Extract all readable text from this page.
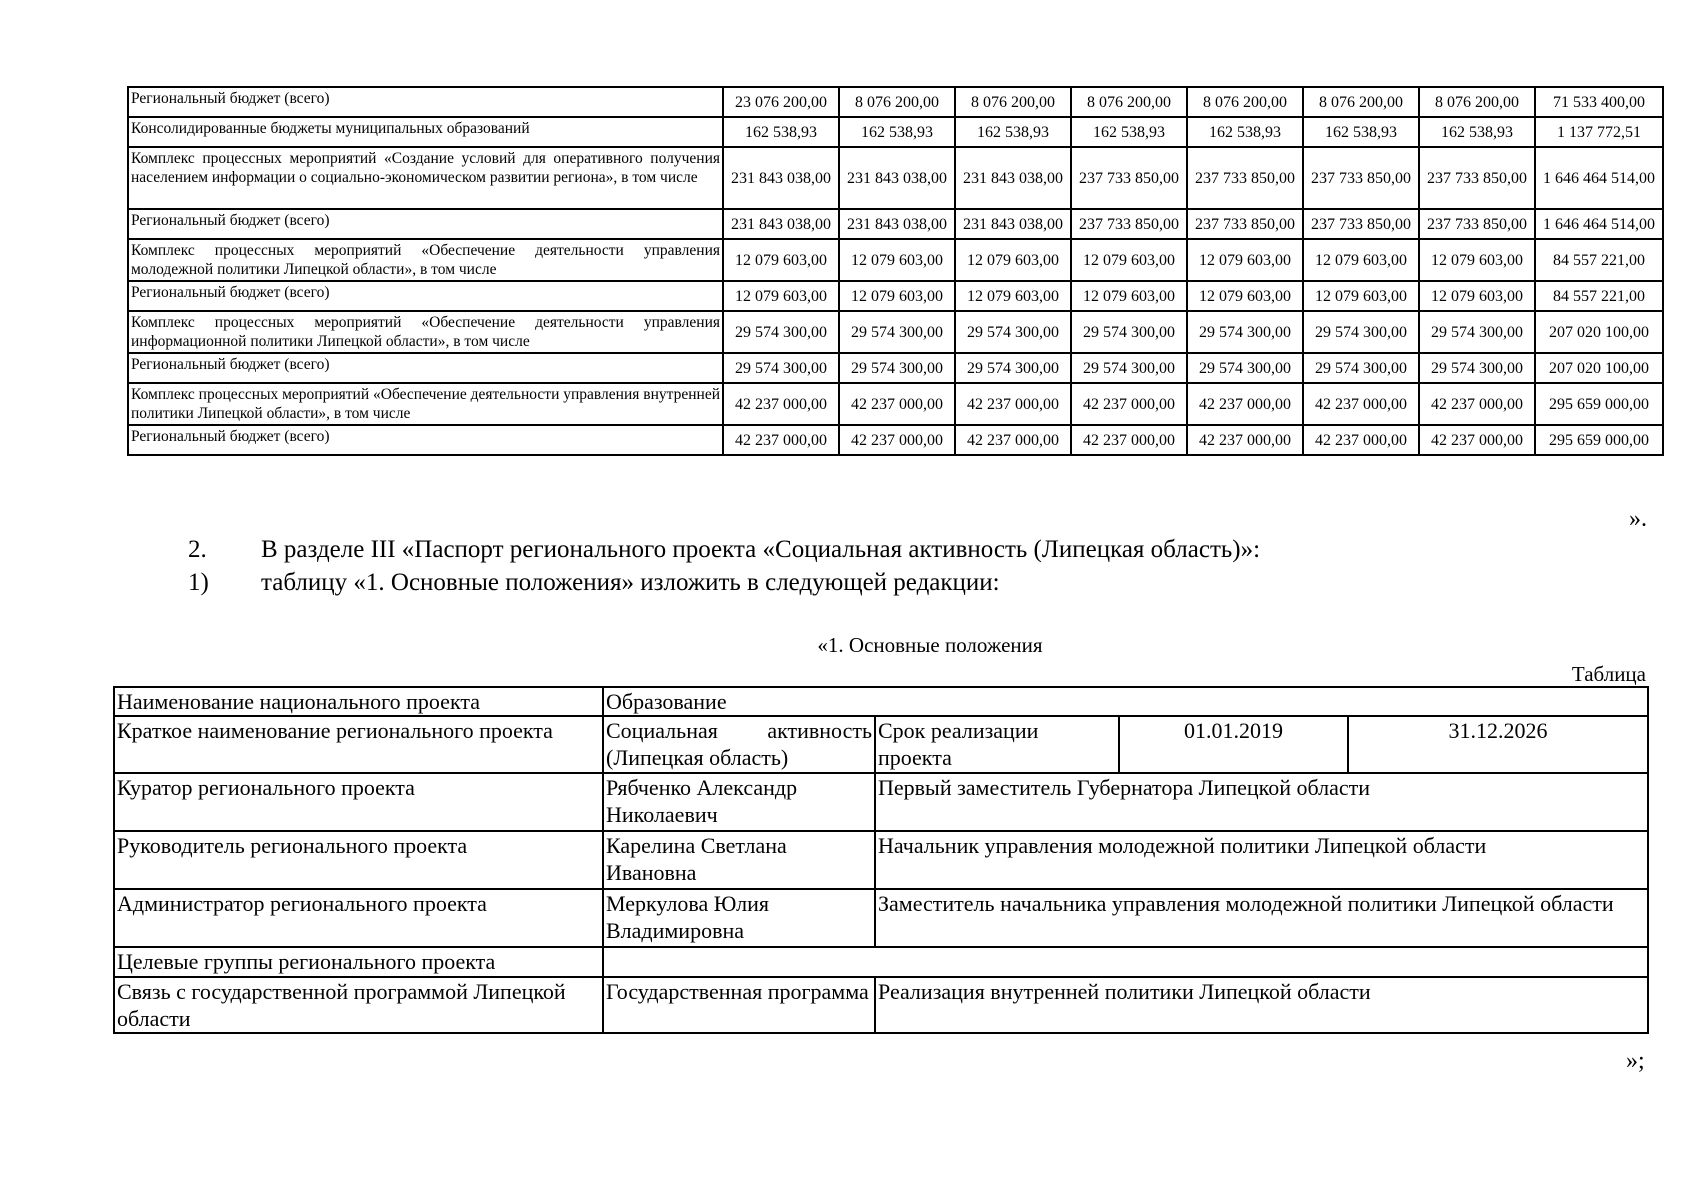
Региональный бюджет (всего)	23 076 200,00	8 076 200,00	8 076 200,00	8 076 200,00	8 076 200,00	8 076 200,00	8 076 200,00	71 533 400,00
Консолидированные бюджеты муниципальных образований	162 538,93	162 538,93	162 538,93	162 538,93	162 538,93	162 538,93	162 538,93	1 137 772,51
Комплекс процессных мероприятий «Создание условий для оперативного получения населением информации о социально-экономическом развитии региона», в том числе	231 843 038,00	231 843 038,00	231 843 038,00	237 733 850,00	237 733 850,00	237 733 850,00	237 733 850,00	1 646 464 514,00
Региональный бюджет (всего)	231 843 038,00	231 843 038,00	231 843 038,00	237 733 850,00	237 733 850,00	237 733 850,00	237 733 850,00	1 646 464 514,00
Комплекс процессных мероприятий «Обеспечение деятельности управления молодежной политики Липецкой области», в том числе	12 079 603,00	12 079 603,00	12 079 603,00	12 079 603,00	12 079 603,00	12 079 603,00	12 079 603,00	84 557 221,00
Региональный бюджет (всего)	12 079 603,00	12 079 603,00	12 079 603,00	12 079 603,00	12 079 603,00	12 079 603,00	12 079 603,00	84 557 221,00
Комплекс процессных мероприятий «Обеспечение деятельности управления информационной политики Липецкой области», в том числе	29 574 300,00	29 574 300,00	29 574 300,00	29 574 300,00	29 574 300,00	29 574 300,00	29 574 300,00	207 020 100,00
Региональный бюджет (всего)	29 574 300,00	29 574 300,00	29 574 300,00	29 574 300,00	29 574 300,00	29 574 300,00	29 574 300,00	207 020 100,00
Комплекс процессных мероприятий «Обеспечение деятельности управления внутренней политики Липецкой области», в том числе	42 237 000,00	42 237 000,00	42 237 000,00	42 237 000,00	42 237 000,00	42 237 000,00	42 237 000,00	295 659 000,00
Региональный бюджет (всего)	42 237 000,00	42 237 000,00	42 237 000,00	42 237 000,00	42 237 000,00	42 237 000,00	42 237 000,00	295 659 000,00
».
2. В разделе III «Паспорт регионального проекта «Социальная активность (Липецкая область)»:
1) таблицу «1. Основные положения» изложить в следующей редакции:
«1. Основные положения
Таблица
Наименование национального проекта	Образование			
Краткое наименование регионального проекта	Социальная активность (Липецкая область)	Срок реализации проекта	01.01.2019	31.12.2026
Куратор регионального проекта	Рябченко Александр Николаевич	Первый заместитель Губернатора Липецкой области		
Руководитель регионального проекта	Карелина Светлана Ивановна	Начальник управления молодежной политики Липецкой области		
Администратор регионального проекта	Меркулова Юлия Владимировна	Заместитель начальника управления молодежной политики Липецкой области		
Целевые группы регионального проекта				
Связь с государственной программой Липецкой области	Государственная программа	Реализация внутренней политики Липецкой области		
»;
